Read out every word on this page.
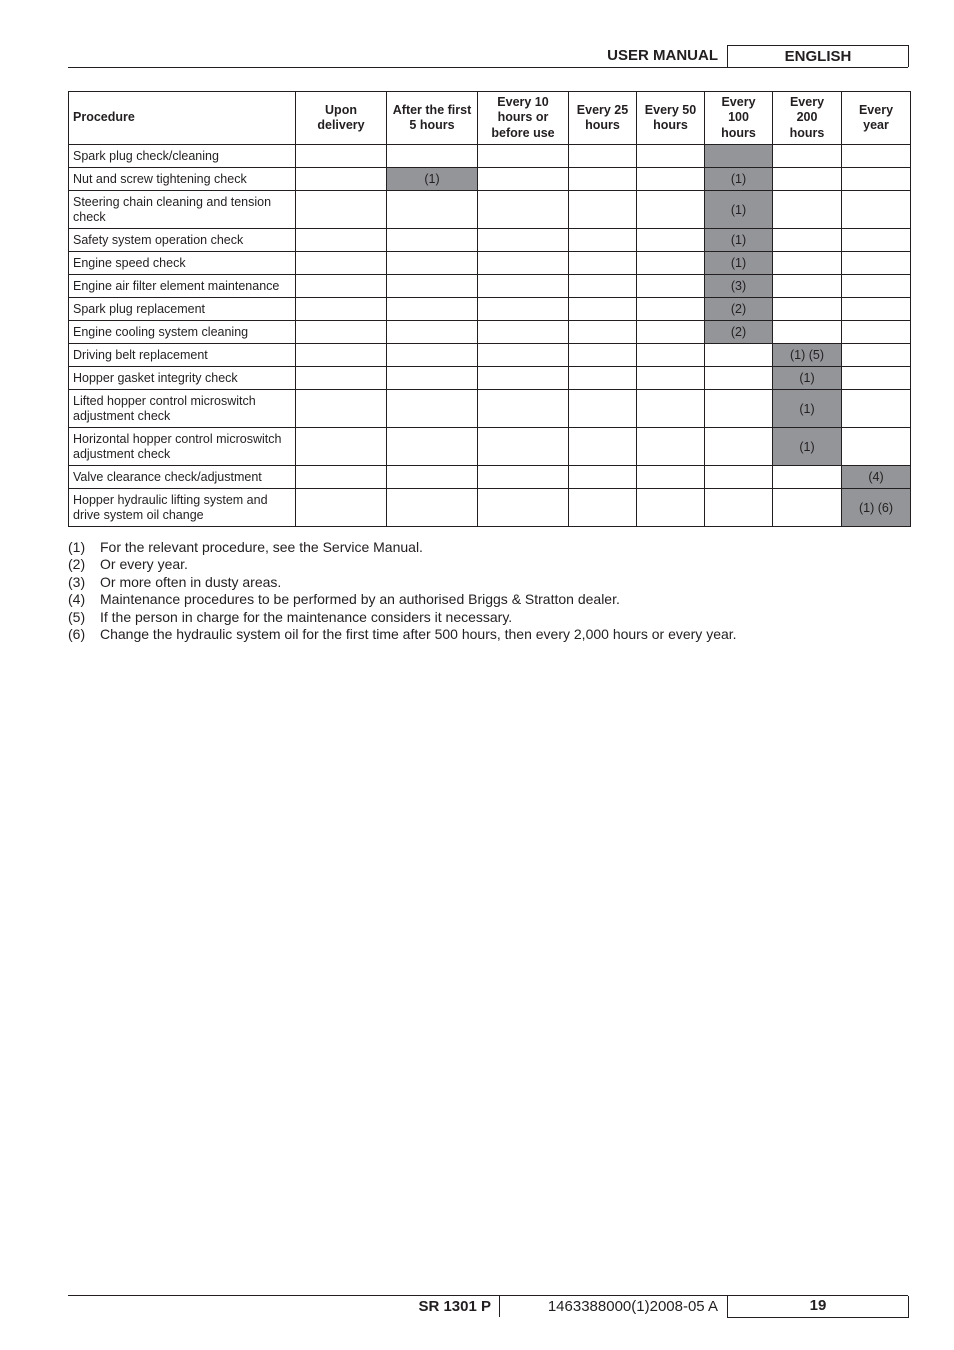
USER MANUAL	ENGLISH
Procedure	Upon delivery	After the first 5 hours	Every 10 hours or before use	Every 25 hours	Every 50 hours	Every 100 hours	Every 200 hours	Every year
Spark plug check/cleaning								
Nut and screw tightening check		(1)				(1)		
Steering chain cleaning and tension check						(1)		
Safety system operation check						(1)		
Engine speed check						(1)		
Engine air filter element maintenance						(3)		
Spark plug replacement						(2)		
Engine cooling system cleaning						(2)		
Driving belt replacement							(1) (5)	
Hopper gasket integrity check							(1)	
Lifted hopper control microswitch adjustment check							(1)	
Horizontal hopper control microswitch adjustment check							(1)	
Valve clearance check/adjustment								(4)
Hopper hydraulic lifting system and drive system oil change								(1) (6)
(1)	For the relevant procedure, see the Service Manual.
(2)	Or every year.
(3)	Or more often in dusty areas.
(4)	Maintenance procedures to be performed by an authorised Briggs & Stratton dealer.
(5)	If the person in charge for the maintenance considers it necessary.
(6)	Change the hydraulic system oil for the first time after 500 hours, then every 2,000 hours or every year.
SR 1301 P	1463388000(1)2008-05 A	19
